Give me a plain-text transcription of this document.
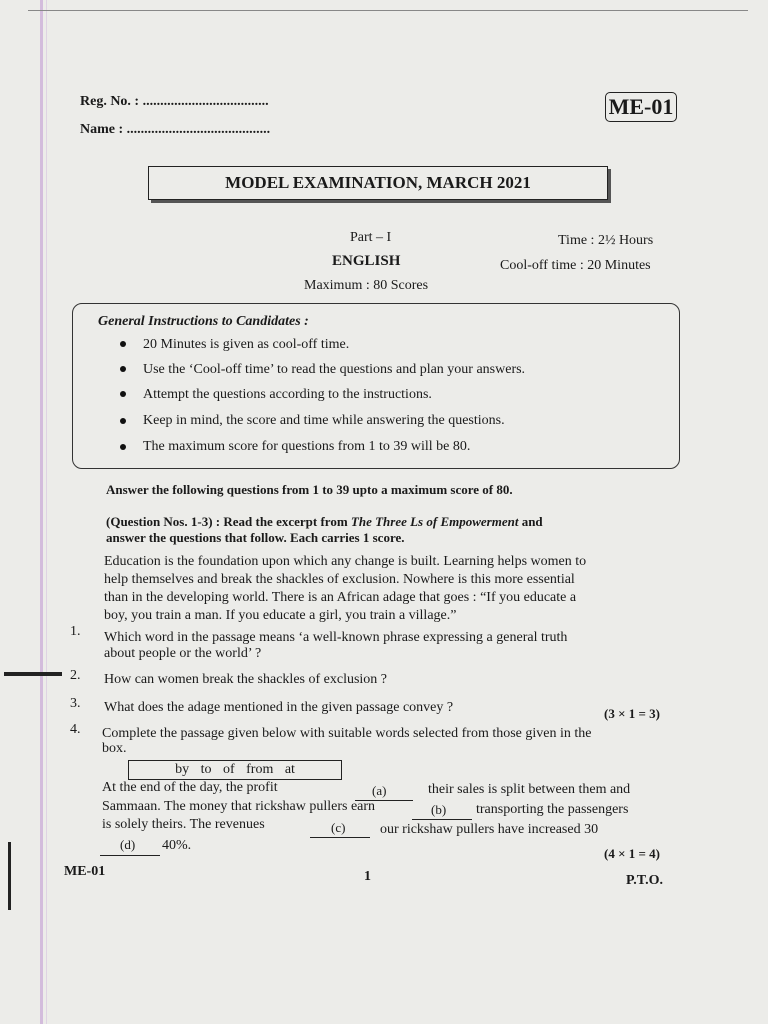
Reg. No. : ....................................
Name : .........................................
ME-01
MODEL EXAMINATION, MARCH 2021
Part – I	Time : 2½ Hours
ENGLISH	Cool-off time : 20 Minutes
Maximum : 80 Scores
General Instructions to Candidates :
20 Minutes is given as cool-off time.
Use the ‘Cool-off time’ to read the questions and plan your answers.
Attempt the questions according to the instructions.
Keep in mind, the score and time while answering the questions.
The maximum score for questions from 1 to 39 will be 80.
Answer the following questions from 1 to 39 upto a maximum score of 80.
(Question Nos. 1-3) : Read the excerpt from The Three Ls of Empowerment and
answer the questions that follow. Each carries 1 score.
Education is the foundation upon which any change is built. Learning helps women to
help themselves and break the shackles of exclusion. Nowhere is this more essential
than in the developing world. There is an African adage that goes : “If you educate a
boy, you train a man. If you educate a girl, you train a village.”
1. Which word in the passage means ‘a well-known phrase expressing a general truth
about people or the world’ ?
2. How can women break the shackles of exclusion ?
3. What does the adage mentioned in the given passage convey ?	(3 × 1 = 3)
4. Complete the passage given below with suitable words selected from those given in the
box.
by to of from at
At the end of the day, the profit	(a)	their sales is split between them and
Sammaan. The money that rickshaw pullers earn	(b) transporting the passengers
is solely theirs. The revenues	(c) our rickshaw pullers have increased 30
(d) 40%.
(4 × 1 = 4)
ME-01	1	P.T.O.
